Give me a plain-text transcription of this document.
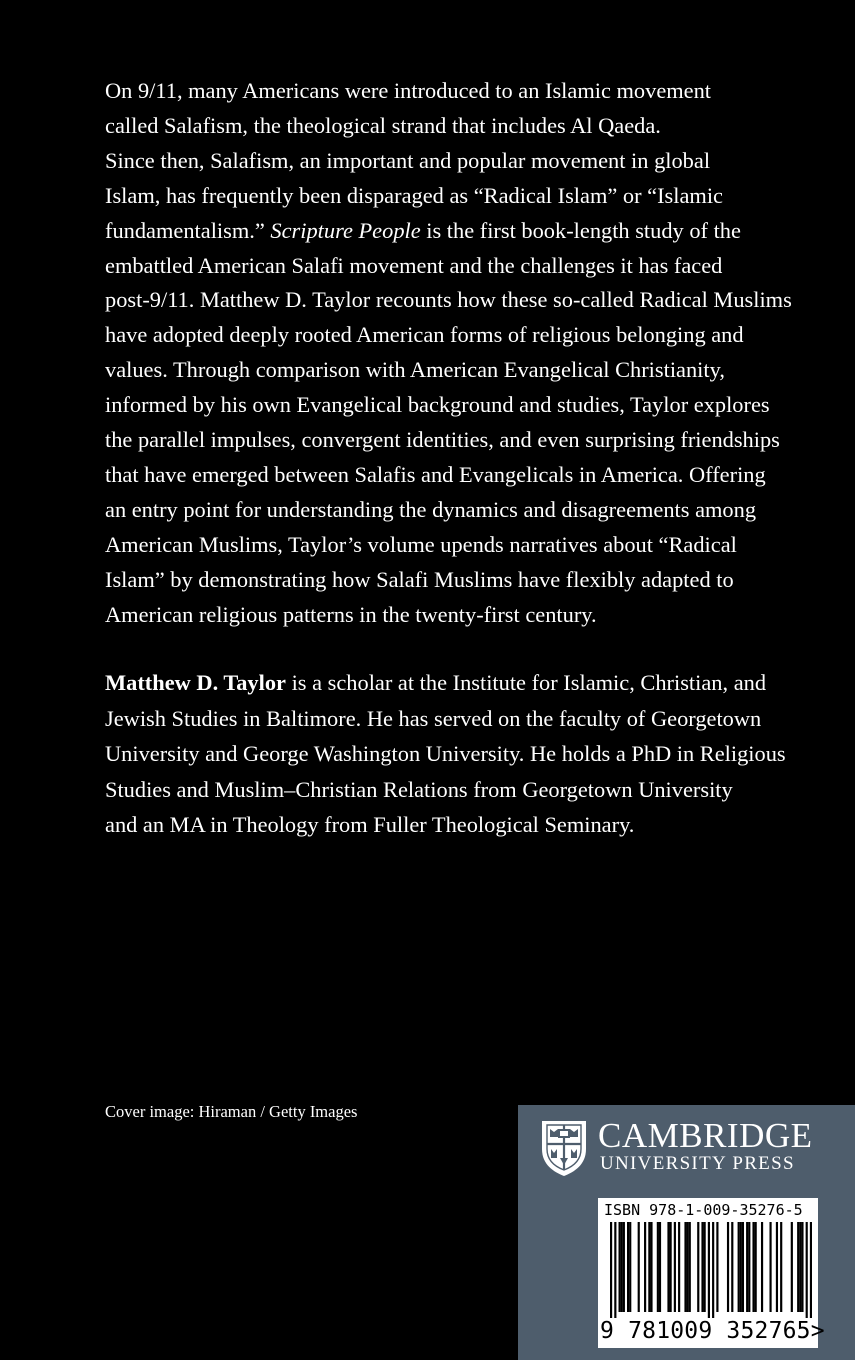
On 9/11, many Americans were introduced to an Islamic movement
called Salafism, the theological strand that includes Al Qaeda.
Since then, Salafism, an important and popular movement in global
Islam, has frequently been disparaged as “Radical Islam” or “Islamic
fundamentalism.” Scripture People is the first book-length study of the
embattled American Salafi movement and the challenges it has faced
post-9/11. Matthew D. Taylor recounts how these so-called Radical Muslims
have adopted deeply rooted American forms of religious belonging and
values. Through comparison with American Evangelical Christianity,
informed by his own Evangelical background and studies, Taylor explores
the parallel impulses, convergent identities, and even surprising friendships
that have emerged between Salafis and Evangelicals in America. Offering
an entry point for understanding the dynamics and disagreements among
American Muslims, Taylor’s volume upends narratives about “Radical
Islam” by demonstrating how Salafi Muslims have flexibly adapted to
American religious patterns in the twenty-first century.
Matthew D. Taylor is a scholar at the Institute for Islamic, Christian, and
Jewish Studies in Baltimore. He has served on the faculty of Georgetown
University and George Washington University. He holds a PhD in Religious
Studies and Muslim–Christian Relations from Georgetown University
and an MA in Theology from Fuller Theological Seminary.
Cover image: Hiraman / Getty Images
CAMBRIDGE
UNIVERSITY PRESS
ISBN 978-1-009-35276-5
9 781009 352765>
